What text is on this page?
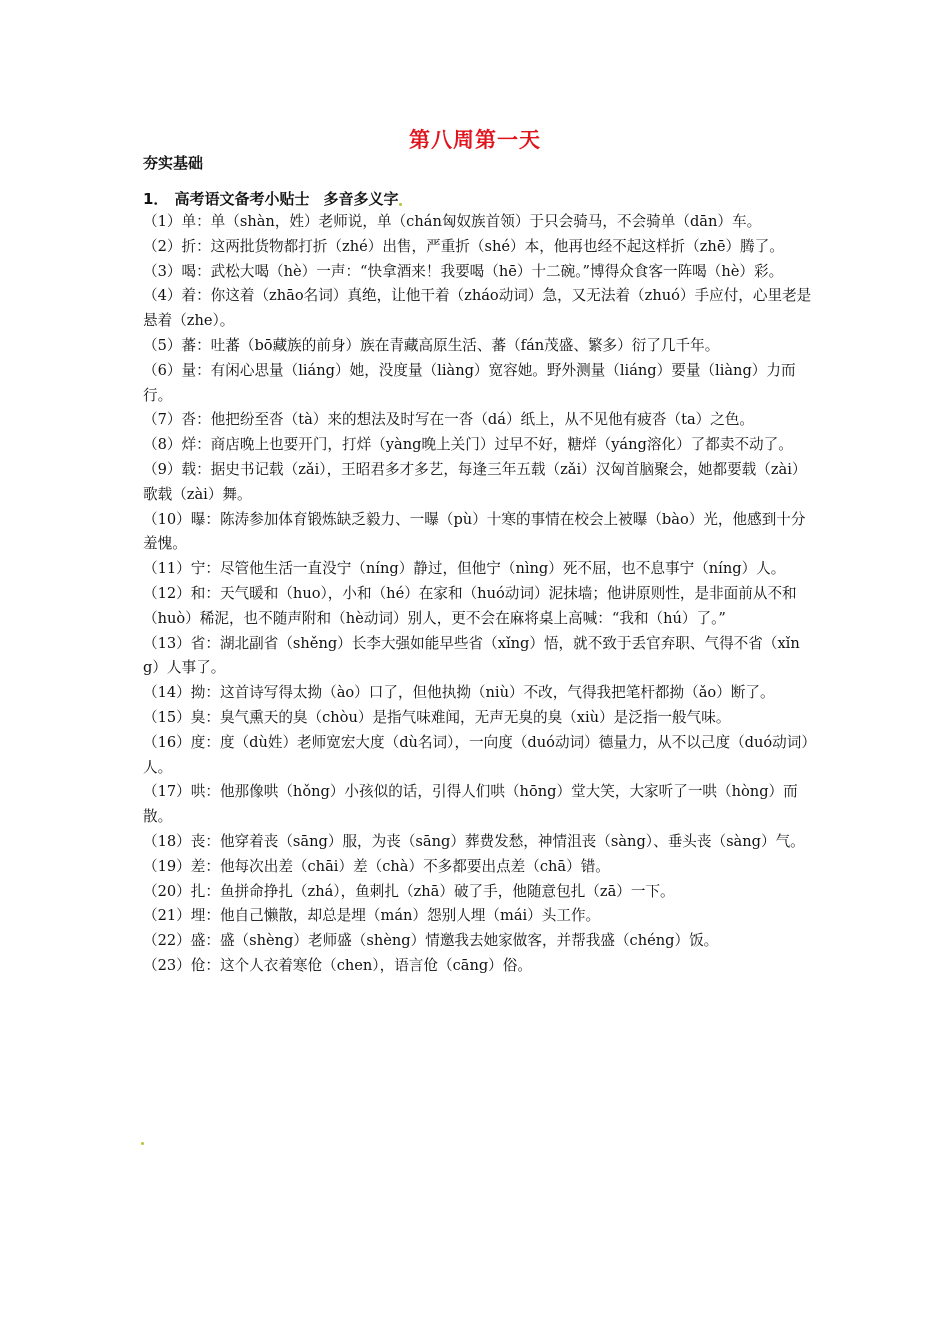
第八周第一天
夯实基础
1． 高考语文备考小贴士 多音多义字

（1）单：单（shàn，姓）老师说，单（chán匈奴族首领）于只会骑马，不会骑单（dān）车。

（2）折：这两批货物都打折（zhé）出售，严重折（shé）本，他再也经不起这样折（zhē）腾了。

（3）喝：武松大喝（hè）一声：“快拿酒来！我要喝（hē）十二碗。”博得众食客一阵喝（hè）彩。

（4）着：你这着（zhāo名词）真绝，让他干着（zháo动词）急，又无法着（zhuó）手应付，心里老是悬着（zhe）。

（5）蕃：吐蕃（bō藏族的前身）族在青藏高原生活、蕃（fán茂盛、繁多）衍了几千年。

（6）量：有闲心思量（liáng）她，没度量（liàng）宽容她。野外测量（liáng）要量（liàng）力而行。

（7）沓：他把纷至沓（tà）来的想法及时写在一沓（dá）纸上，从不见他有疲沓（ta）之色。

（8）烊：商店晚上也要开门，打烊（yàng晚上关门）过早不好，糖烊（yáng溶化）了都卖不动了。

（9）载：据史书记载（zǎi），王昭君多才多艺，每逢三年五载（zǎi）汉匈首脑聚会，她都要载（zài）歌载（zài）舞。

（10）曝：陈涛参加体育锻炼缺乏毅力、一曝（pù）十寒的事情在校会上被曝（bào）光，他感到十分羞愧。

（11）宁：尽管他生活一直没宁（níng）静过，但他宁（nìng）死不屈，也不息事宁（níng）人。

（12）和：天气暖和（huo），小和（hé）在家和（huó动词）泥抹墙；他讲原则性，是非面前从不和（huò）稀泥，也不随声附和（hè动词）别人，更不会在麻将桌上高喊：“我和（hú）了。”

（13）省：湖北副省（shěng）长李大强如能早些省（xǐng）悟，就不致于丢官弃职、气得不省（xǐng）人事了。

（14）拗：这首诗写得太拗（ào）口了，但他执拗（niù）不改，气得我把笔杆都拗（ǎo）断了。

（15）臭：臭气熏天的臭（chòu）是指气味难闻，无声无臭的臭（xiù）是泛指一般气味。

（16）度：度（dù姓）老师宽宏大度（dù名词），一向度（duó动词）德量力，从不以己度（duó动词）人。

（17）哄：他那像哄（hǒng）小孩似的话，引得人们哄（hōng）堂大笑，大家听了一哄（hòng）而散。

（18）丧：他穿着丧（sāng）服，为丧（sāng）葬费发愁，神情沮丧（sàng）、垂头丧（sàng）气。

（19）差：他每次出差（chāi）差（chà）不多都要出点差（chā）错。

（20）扎：鱼拼命挣扎（zhá），鱼刺扎（zhā）破了手，他随意包扎（zā）一下。

（21）埋：他自己懒散，却总是埋（mán）怨别人埋（mái）头工作。

（22）盛：盛（shèng）老师盛（shèng）情邀我去她家做客，并帮我盛（chéng）饭。

（23）伧：这个人衣着寒伧（chen），语言伧（cāng）俗。
